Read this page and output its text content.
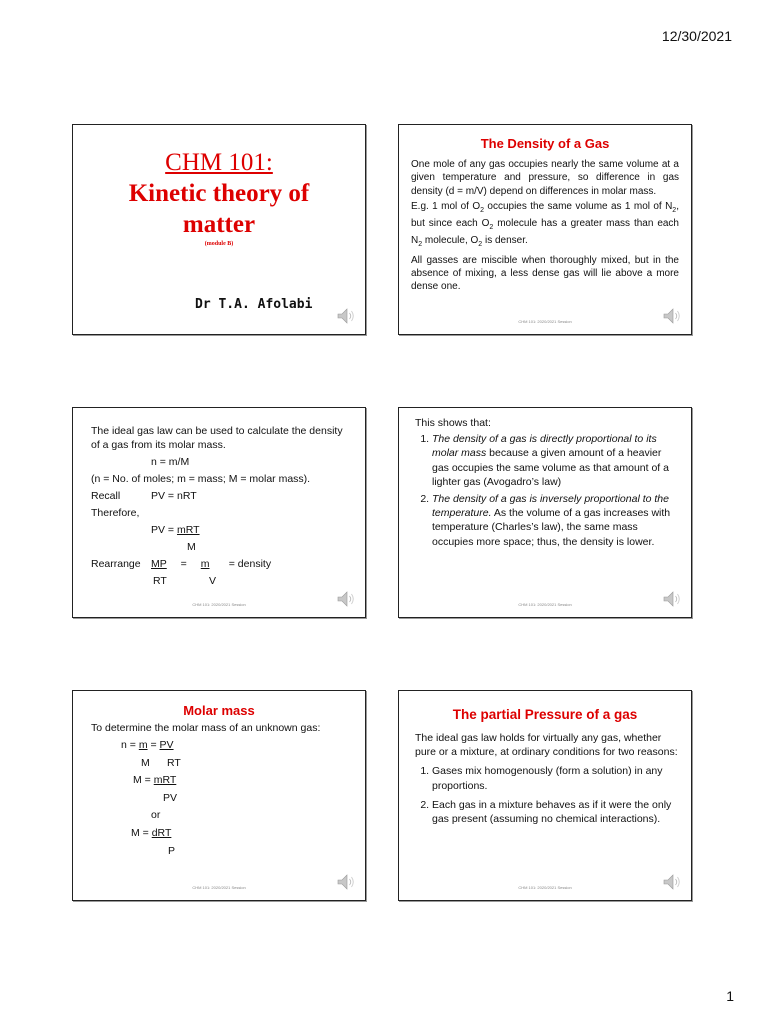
12/30/2021
CHM 101:
Kinetic theory of
matter
(module B)
Dr T.A. Afolabi
The Density of a Gas

One mole of any gas occupies nearly the same volume at a given temperature and pressure, so difference in gas density (d = m/V) depend on differences in molar mass.

E.g. 1 mol of $O_2$ occupies the same volume as 1 mol of $N_2$, but since each $O_2$ molecule has a greater mass than each $N_2$ molecule, $O_2$ is denser.

All gasses are miscible when thoroughly mixed, but in the absence of mixing, a less dense gas will lie above a more dense one.

CHM 101: 2020/2021 Session
The ideal gas law can be used to calculate the density of a gas from its molar mass.
n = m/M
(n = No. of moles; m = mass; M = molar mass).
Recall	PV = nRT
Therefore,
PV = mRT
M
Rearrange MP = m = density
RT	V
CHM 101: 2020/2021 Session
This shows that:
1. The density of a gas is directly proportional to its molar mass because a given amount of a heavier gas occupies the same volume as that amount of a lighter gas (Avogadro’s law)
2. The density of a gas is inversely proportional to the temperature. As the volume of a gas increases with temperature (Charles’s law), the same mass occupies more space; thus, the density is lower.
CHM 101: 2020/2021 Session
Molar mass
To determine the molar mass of an unknown gas:
n = m = PV
M RT
M = mRT
PV
or
M = dRT
P
CHM 101: 2020/2021 Session
The partial Pressure of a gas
The ideal gas law holds for virtually any gas, whether pure or a mixture, at ordinary conditions for two reasons:
1. Gases mix homogenously (form a solution) in any proportions.
2. Each gas in a mixture behaves as if it were the only gas present (assuming no chemical interactions).
CHM 101: 2020/2021 Session
1
